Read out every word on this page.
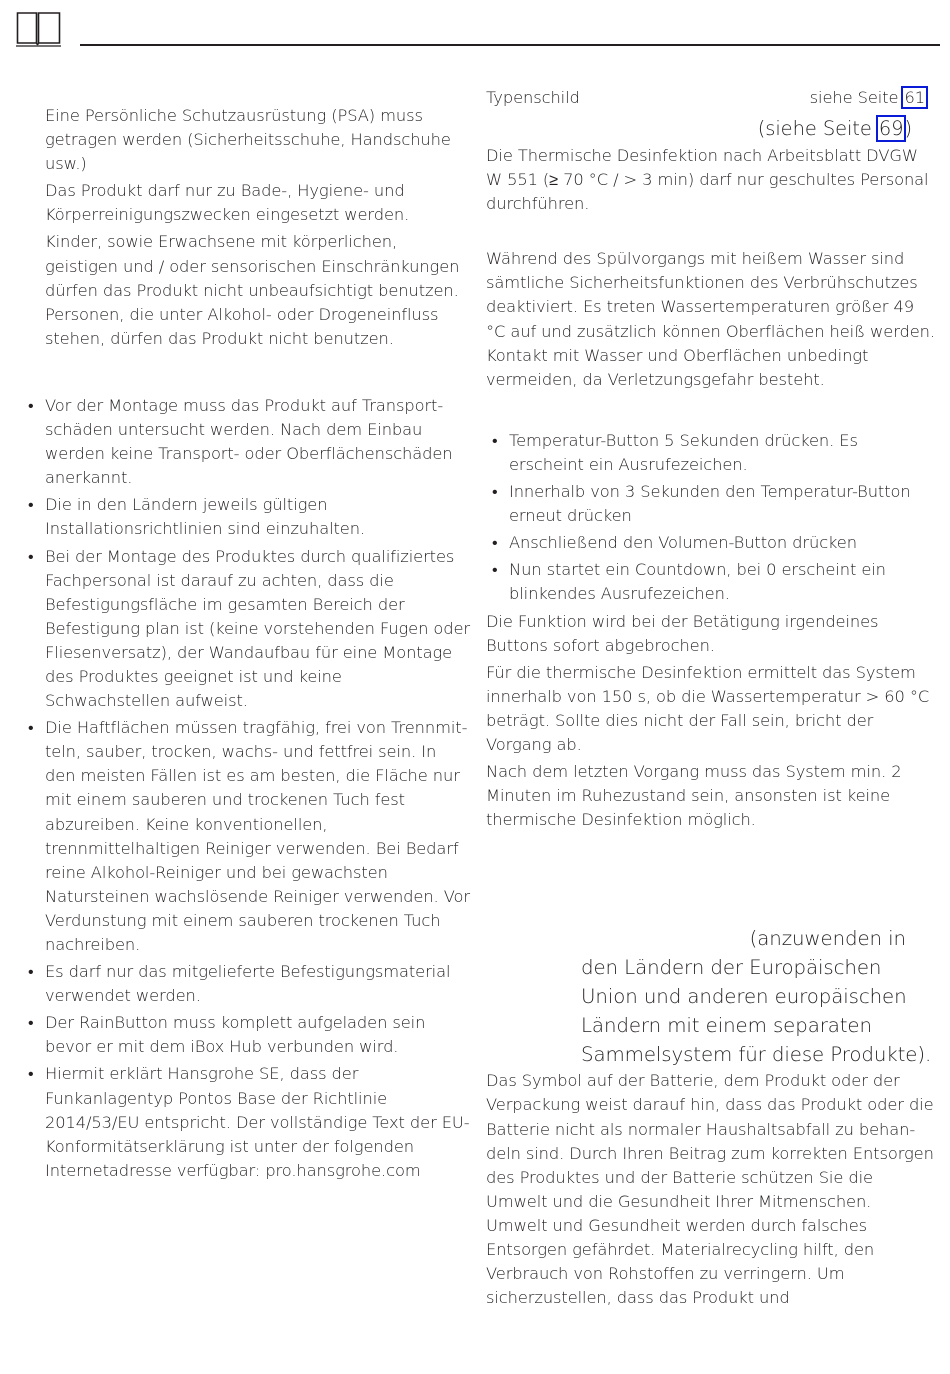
Eine Persönliche Schutzausrüstung (PSA) muss getragen werden (Sicherheitsschuhe, Handschuhe usw.)

Das Produkt darf nur zu Bade-, Hygiene- und Körperreinigungszwecken eingesetzt werden.

Kinder, sowie Erwachsene mit körperlichen, geistigen und / oder sensorischen Einschränkungen dürfen das Produkt nicht unbeaufsichtigt benutzen. Personen, die unter Alkohol- oder Drogeneinfluss stehen, dürfen das Produkt nicht benutzen.

• Vor der Montage muss das Produkt auf Transportschäden untersucht werden. Nach dem Einbau werden keine Transport- oder Oberflächenschäden anerkannt.
• Die in den Ländern jeweils gültigen Installationsrichtlinien sind einzuhalten.
• Bei der Montage des Produktes durch qualifiziertes Fachpersonal ist darauf zu achten, dass die Befestigungsfläche im gesamten Bereich der Befestigung plan ist (keine vorstehenden Fugen oder Fliesenversatz), der Wandaufbau für eine Montage des Produktes geeignet ist und keine Schwachstellen aufweist.
• Die Haftflächen müssen tragfähig, frei von Trennmitteln, sauber, trocken, wachs- und fettfrei sein. In den meisten Fällen ist es am besten, die Fläche nur mit einem sauberen und trockenen Tuch fest abzureiben. Keine konventionellen, trennmittelhaltigen Reiniger verwenden. Bei Bedarf reine Alkohol-Reiniger und bei gewachsten Natursteinen wachslösende Reiniger verwenden. Vor Verdunstung mit einem sauberen trockenen Tuch nachreiben.
• Es darf nur das mitgelieferte Befestigungsmaterial verwendet werden.
• Der RainButton muss komplett aufgeladen sein bevor er mit dem iBox Hub verbunden wird.
• Hiermit erklärt Hansgrohe SE, dass der Funkanlagentyp Pontos Base der Richtlinie 2014/53/EU entspricht. Der vollständige Text der EU-Konformitätserklärung ist unter der folgenden Internetadresse verfügbar: pro.hansgrohe.com
Typenschild	siehe Seite 61
(siehe Seite 69)

Die Thermische Desinfektion nach Arbeitsblatt DVGW W 551 (≥ 70 °C / > 3 min) darf nur geschultes Personal durchführen.

Während des Spülvorgangs mit heißem Wasser sind sämtliche Sicherheitsfunktionen des Verbrühschutzes deaktiviert. Es treten Wassertemperaturen größer 49 °C auf und zusätzlich können Oberflächen heiß werden. Kontakt mit Wasser und Oberflächen unbedingt vermeiden, da Verletzungsgefahr besteht.

• Temperatur-Button 5 Sekunden drücken. Es erscheint ein Ausrufezeichen.
• Innerhalb von 3 Sekunden den Temperatur-Button erneut drücken
• Anschließend den Volumen-Button drücken
• Nun startet ein Countdown, bei 0 erscheint ein blinkendes Ausrufezeichen.

Die Funktion wird bei der Betätigung irgendeines Buttons sofort abgebrochen.

Für die thermische Desinfektion ermittelt das System innerhalb von 150 s, ob die Wassertemperatur > 60 °C beträgt. Sollte dies nicht der Fall sein, bricht der Vorgang ab.

Nach dem letzten Vorgang muss das System min. 2 Minuten im Ruhezustand sein, ansonsten ist keine thermische Desinfektion möglich.

(anzuwenden in
den Ländern der Europäischen Union und anderen europäischen Ländern mit einem separaten Sammelsystem für diese Produkte).

Das Symbol auf der Batterie, dem Produkt oder der Verpackung weist darauf hin, dass das Produkt oder die Batterie nicht als normaler Haushaltsabfall zu behandeln sind. Durch Ihren Beitrag zum korrekten Entsorgen des Produktes und der Batterie schützen Sie die Umwelt und die Gesundheit Ihrer Mitmenschen. Umwelt und Gesundheit werden durch falsches Entsorgen gefährdet. Materialrecycling hilft, den Verbrauch von Rohstoffen zu verringern. Um sicherzustellen, dass das Produkt und
